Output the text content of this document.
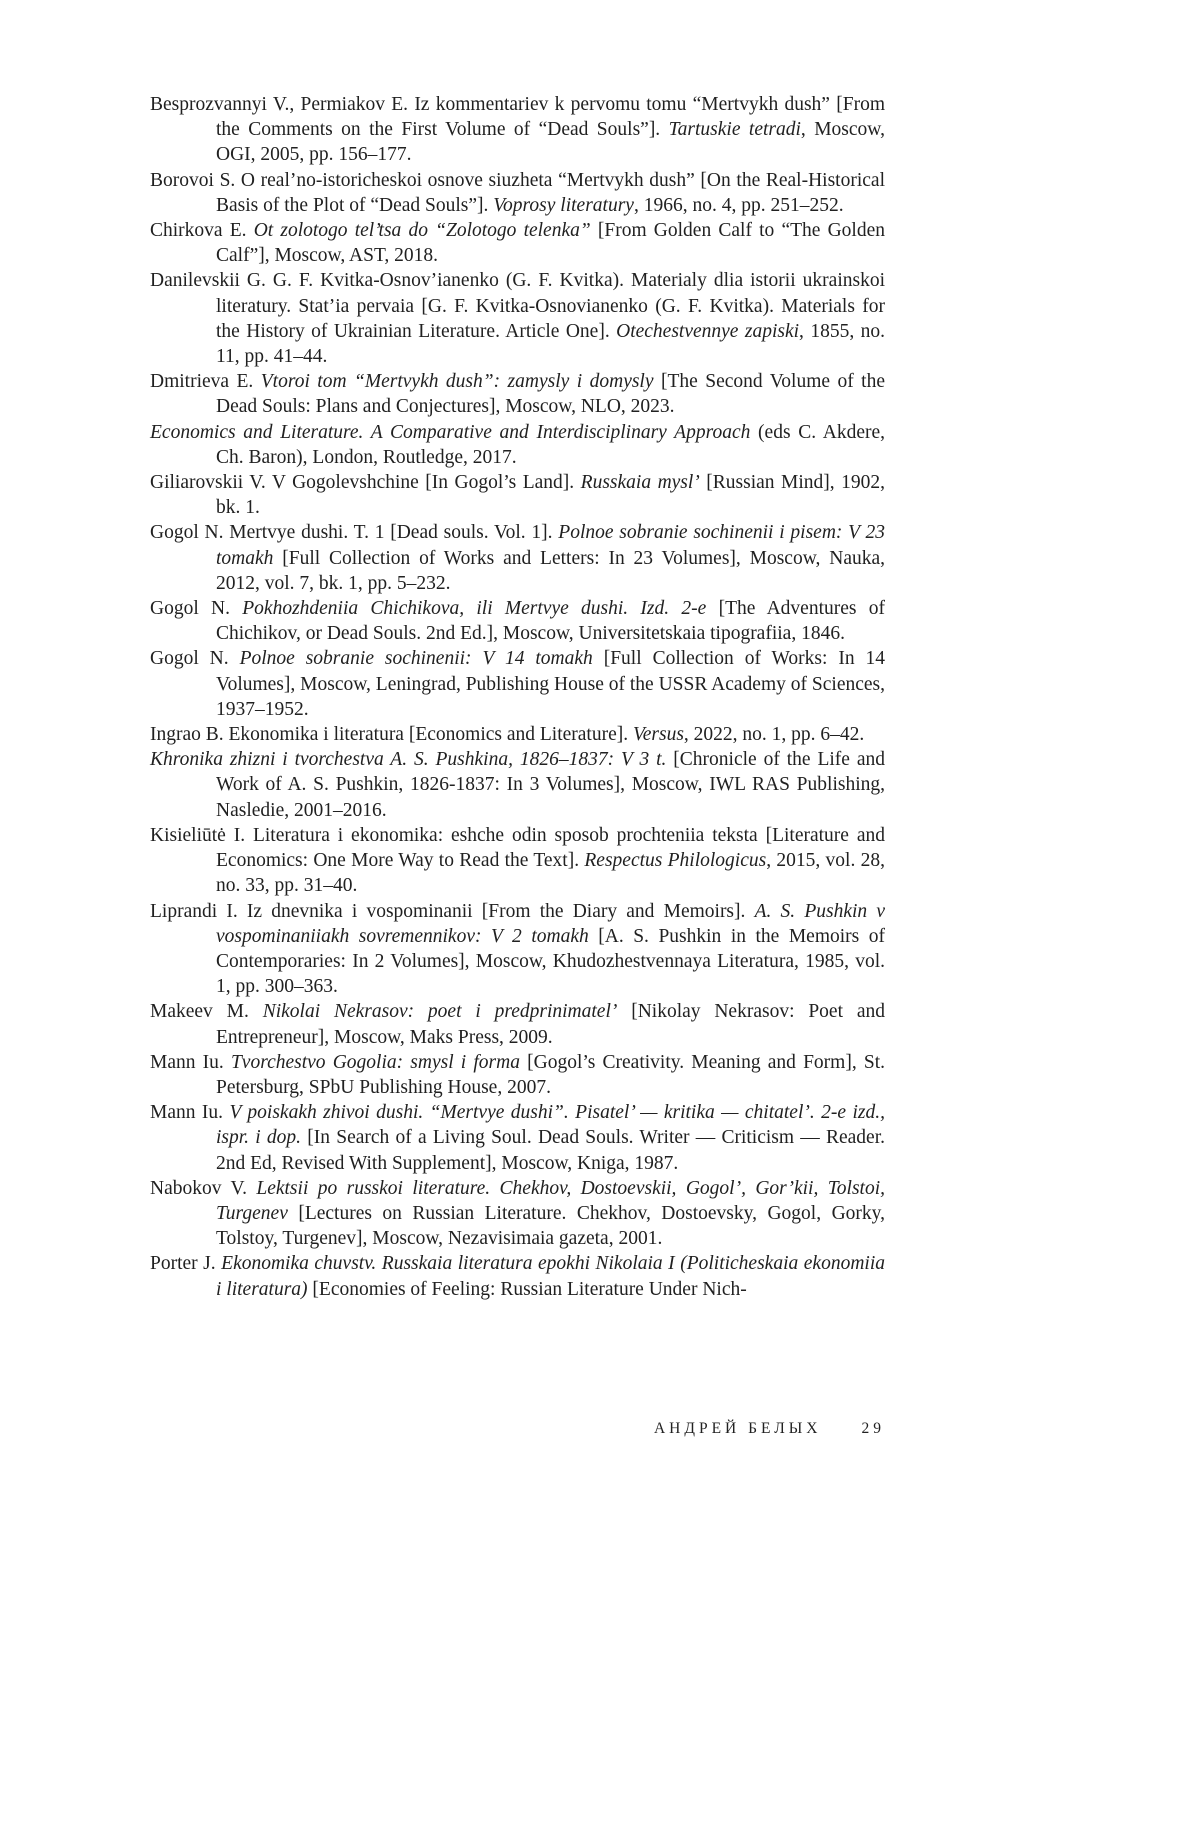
Besprozvannyi V., Permiakov E. Iz kommentariev k pervomu tomu “Mertvykh dush” [From the Comments on the First Volume of “Dead Souls”]. Tartuskie tetradi, Moscow, OGI, 2005, pp. 156–177.

Borovoi S. O real’no-istoricheskoi osnove siuzheta “Mertvykh dush” [On the Real-Historical Basis of the Plot of “Dead Souls”]. Voprosy literatury, 1966, no. 4, pp. 251–252.

Chirkova E. Ot zolotogo tel’tsa do “Zolotogo telenka” [From Golden Calf to “The Golden Calf”], Moscow, AST, 2018.

Danilevskii G. G. F. Kvitka-Osnov’ianenko (G. F. Kvitka). Materialy dlia istorii ukrainskoi literatury. Stat’ia pervaia [G. F. Kvitka-Osnovianenko (G. F. Kvitka). Materials for the History of Ukrainian Literature. Article One]. Otechestvennye zapiski, 1855, no. 11, pp. 41–44.

Dmitrieva E. Vtoroi tom “Mertvykh dush”: zamysly i domysly [The Second Volume of the Dead Souls: Plans and Conjectures], Moscow, NLO, 2023.

Economics and Literature. A Comparative and Interdisciplinary Approach (eds C. Akdere, Ch. Baron), London, Routledge, 2017.

Giliarovskii V. V Gogolevshchine [In Gogol’s Land]. Russkaia mysl’ [Russian Mind], 1902, bk. 1.

Gogol N. Mertvye dushi. T. 1 [Dead souls. Vol. 1]. Polnoe sobranie sochinenii i pisem: V 23 tomakh [Full Collection of Works and Letters: In 23 Volumes], Moscow, Nauka, 2012, vol. 7, bk. 1, pp. 5–232.

Gogol N. Pokhozhdeniia Chichikova, ili Mertvye dushi. Izd. 2-e [The Adventures of Chichikov, or Dead Souls. 2nd Ed.], Moscow, Universitetskaia tipografiia, 1846.

Gogol N. Polnoe sobranie sochinenii: V 14 tomakh [Full Collection of Works: In 14 Volumes], Moscow, Leningrad, Publishing House of the USSR Academy of Sciences, 1937–1952.

Ingrao B. Ekonomika i literatura [Economics and Literature]. Versus, 2022, no. 1, pp. 6–42.

Khronika zhizni i tvorchestva A. S. Pushkina, 1826–1837: V 3 t. [Chronicle of the Life and Work of A. S. Pushkin, 1826-1837: In 3 Volumes], Moscow, IWL RAS Publishing, Nasledie, 2001–2016.

Kisieliūtė I. Literatura i ekonomika: eshche odin sposob prochteniia teksta [Literature and Economics: One More Way to Read the Text]. Respectus Philologicus, 2015, vol. 28, no. 33, pp. 31–40.

Liprandi I. Iz dnevnika i vospominanii [From the Diary and Memoirs]. A. S. Pushkin v vospominaniiakh sovremennikov: V 2 tomakh [A. S. Pushkin in the Memoirs of Contemporaries: In 2 Volumes], Moscow, Khudozhestvennaya Literatura, 1985, vol. 1, pp. 300–363.

Makeev M. Nikolai Nekrasov: poet i predprinimatel’ [Nikolay Nekrasov: Poet and Entrepreneur], Moscow, Maks Press, 2009.

Mann Iu. Tvorchestvo Gogolia: smysl i forma [Gogol’s Creativity. Meaning and Form], St. Petersburg, SPbU Publishing House, 2007.

Mann Iu. V poiskakh zhivoi dushi. “Mertvye dushi”. Pisatel’ — kritika — chitatel’. 2-e izd., ispr. i dop. [In Search of a Living Soul. Dead Souls. Writer — Criticism — Reader. 2nd Ed, Revised With Supplement], Moscow, Kniga, 1987.

Nabokov V. Lektsii po russkoi literature. Chekhov, Dostoevskii, Gogol’, Gor’kii, Tolstoi, Turgenev [Lectures on Russian Literature. Chekhov, Dostoevsky, Gogol, Gorky, Tolstoy, Turgenev], Moscow, Nezavisimaia gazeta, 2001.

Porter J. Ekonomika chuvstv. Russkaia literatura epokhi Nikolaia I (Politicheskaia ekonomiia i literatura) [Economies of Feeling: Russian Literature Under Nich-

АНДРЕЙ БЕЛЫХ	29
